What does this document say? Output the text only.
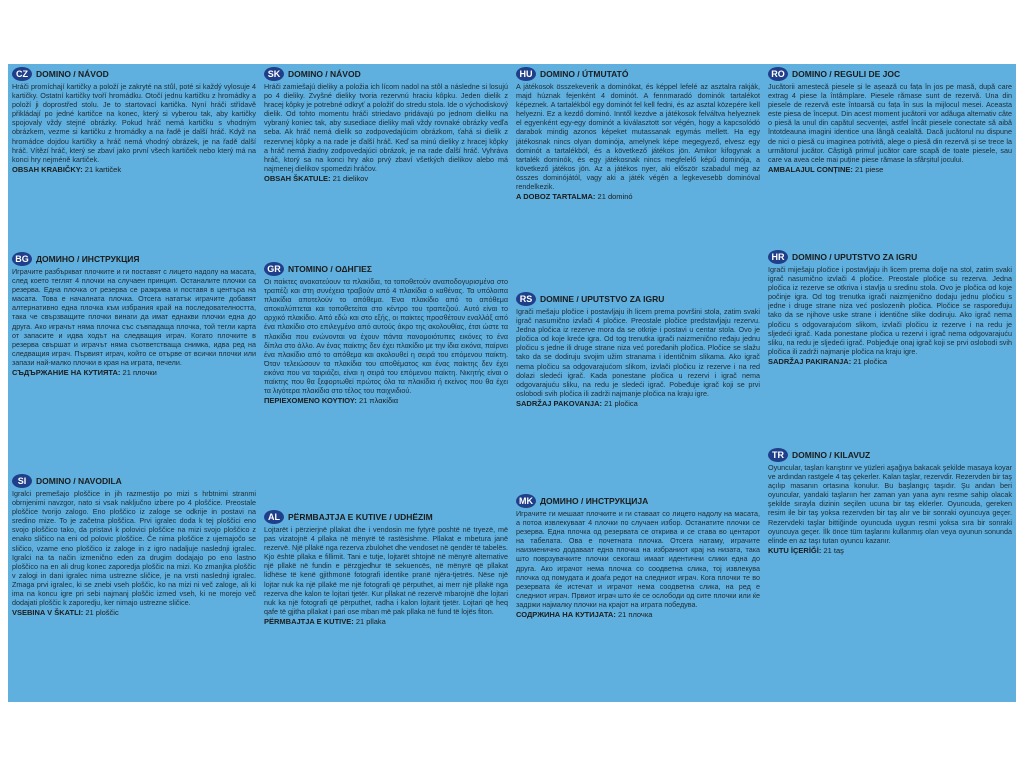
CZ DOMINO / NÁVOD

Hráči promíchají kartičky a položí je zakryté na stůl, poté si každý vylosuje 4 kartičky. Ostatní kartičky tvoří hromádku. Otočí jednu kartičku z hromádky a položí ji doprostřed stolu. Je to startovací kartička. Nyní hráči střídavě přikládají po jedné kartičce na konec, který si vyberou tak, aby kartičky spojovaly vždy stejné obrázky. Pokud hráč nemá kartičku s vhodným obrázkem, vezme si kartičku z hromádky a na řadě je další hráč. Když na hromádce dojdou kartičky a hráč nemá vhodný obrázek, je na řadě další hráč. Vítězí hráč, který se zbaví jako první všech kartiček nebo který má na konci hry nejméně kartiček.

OBSAH KRABIČKY: 21 kartiček

BG ДОМИНО / ИНСТРУКЦИЯ

Играчите разбъркват плочките и ги поставят с лицето надолу на масата, след което теглят 4 плочки на случаен принцип. Останалите плочки са резерва. Една плочка от резерва се разкрива и поставя в центъра на масата. Това е началната плочка. Отсега нататък играчите добавят алтернативно една плочка към избрания край на последователността, така че свързващите плочки винаги да имат еднакви плочки една до друга. Ако играчът няма плочка със съвпадаща плочка, той тегли карта от запасите и идва ходът на следващия играч. Когато плочките в резерва свършат и играчът няма съответстваща снимка, идва ред на следващия играч. Първият играч, който се отърве от всички плочки или запази най-малко плочки в края на играта, печели.

СЪДЪРЖАНИЕ НА КУТИЯТА: 21 плочки

SI	DOMINO / NAVODILA

Igralci premešajo ploščice in jih razmestijo po mizi s hrbtnimi stranmi obrnjenimi navzgor, nato si vsak naključno izbere po 4 ploščice. Preostale ploščice tvorijo zalogo. Eno ploščico iz zaloge se odkrije in postavi na sredino mize. To je začetna ploščica. Prvi igralec doda k tej ploščici eno svojo ploščico tako, da pristavi k polovici ploščice na mizi svojo ploščico z enako sličico na eni od polovic ploščice. Če nima ploščice z ujemajočo se sličico, vzame eno ploščico iz zaloge in z igro nadaljuje naslednji igralec. Igralci na ta način izmenično eden za drugim dodajajo po eno lastno ploščico na en ali drug konec zaporedja ploščic na mizi. Ko zmanjka ploščic v zalogi in dani igralec nima ustrezne sličice, je na vrsti naslednji igralec. Zmaga prvi igralec, ki se znebi vseh ploščic, ko na mizi ni več zaloge, ali ki ima na koncu igre pri sebi najmanj ploščic izmed vseh, ki ne morejo več dodajati ploščic k zaporedju, ker nimajo ustrezne sličice.

VSEBINA V ŠKATLI: 21 ploščic

SK DOMINO / NÁVOD

Hráči zamiešajú dieliky a položia ich lícom nadol na stôl a následne si losujú po 4 dieliky. Zvyšné dieliky tvoria rezervnú hraciu kôpku. Jeden dielik z hracej kôpky je potrebné odkryť a položiť do stredu stola. Ide o východiskový dielik. Od tohto momentu hráči striedavo pridávajú po jednom dieliku na vybraný koniec tak, aby susediace dieliky mali vždy rovnaké obrázky vedľa seba. Ak hráč nemá dielik so zodpovedajúcim obrázkom, ťahá si dielik z rezervnej kôpky a na rade je ďalší hráč. Keď sa minú dieliky z hracej kôpky a hráč nemá žiadny zodpovedajúci obrázok, je na rade ďalší hráč. Vyhráva hráč, ktorý sa na konci hry ako prvý zbaví všetkých dielikov alebo má najmenej dielikov spomedzi hráčov.

OBSAH ŠKATULE: 21 dielikov

GR ΝΤΟΜΙΝΟ / ΟΔΗΓΙΕΣ

Οι παίκτες ανακατεύουν τα πλακίδια, τα τοποθετούν αναποδογυρισμένα στο τραπέζι και στη συνέχεια τραβούν από 4 πλακίδια ο καθένας. Τα υπόλοιπα πλακίδια αποτελούν το απόθεμα. Ένα πλακίδιο από το απόθεμα αποκαλύπτεται και τοποθετείται στο κέντρο του τραπεζιού. Αυτό είναι το αρχικό πλακίδιο. Από εδώ και στο εξής, οι παίκτες προσθέτουν εναλλάξ από ένα πλακίδιο στο επιλεγμένο από αυτούς άκρο της ακολουθίας, έτσι ώστε τα πλακίδια που ενώνονται να έχουν πάντα πανομοιότυπες εικόνες το ένα δίπλα στο άλλο. Αν ένας παίκτης δεν έχει πλακίδιο με την ίδια εικόνα, παίρνει ένα πλακίδιο από το απόθεμα και ακολουθεί η σειρά του επόμενου παίκτη. Όταν τελειώσουν τα πλακίδια του αποθέματος και ένας παίκτης δεν έχει εικόνα που να ταιριάζει, είναι η σειρά του επόμενου παίκτη. Νικητής είναι ο παίκτης που θα ξεφορτωθεί πρώτος όλα τα πλακίδια ή εκείνος που θα έχει τα λιγότερα πλακίδια στο τέλος του παιχνιδιού.

ΠΕΡΙΕΧΟΜΕΝΟ ΚΟΥΤΙΟΥ: 21 πλακίδια

AL PËRMBAJTJA E KUTIVE / UDHËZIM

Lojtarët i përzierjnë pllakat dhe i vendosin me fytyrë poshtë në tryezë, më pas vizatojnë 4 pllaka në mënyrë të rastësishme. Pllakat e mbetura janë rezervë. Një pllakë nga rezerva zbulohet dhe vendoset në qendër të tabelës. Kjo është pllaka e fillimit. Tani e tutje, lojtarët shtojnë në mënyrë alternative një pllakë në fundin e përzgjedhur të sekuencës, në mënyrë që pllakat lidhëse të kenë gjithmonë fotografi identike pranë njëra-tjetrës. Nëse një lojtar nuk ka një pllakë me një fotografi që përputhet, ai merr një pllakë nga rezerva dhe kalon te lojtari tjetër. Kur pllakat në rezervë mbarojnë dhe lojtari nuk ka një fotografi që përputhet, radha i kalon lojtarit tjetër. Lojtari që heq qafe të gjitha pllakat i pari ose mban më pak pllaka në fund të lojës fiton.

PËRMBAJTJA E KUTIVE: 21 pllaka

HU DOMINO / ÚTMUTATÓ

A játékosok összekeverik a dominókat, és képpel lefelé az asztalra rakják, majd húznak fejenként 4 dominót. A fennmaradó dominók tartalékot képeznek. A tartalékból egy dominót fel kell fedni, és az asztal közepére kell helyezni. Ez a kezdő dominó. Inntől kezdve a játékosok felváltva helyeznek el egyenként egy-egy dominót a kiválasztott sor végén, hogy a kapcsolódó darabok mindig azonos képeket mutassanak egymás mellett. Ha egy játékosnak nincs olyan dominója, amelynek képe megegyező, elvesz egy dominót a tartalékból, és a következő játékos jön. Amikor kifogynak a tartalék dominók, és egy játékosnak nincs megfelelő képű dominója, a következő játékos jön. Az a játékos nyer, aki először szabadul meg az összes dominójától, vagy aki a játék végén a legkevesebb dominóval rendelkezik.

A DOBOZ TARTALMA: 21 dominó

RS DOMINE / UPUTSTVO ZA IGRU

Igrači mešaju pločice i postavljaju ih licem prema površini stola, zatim svaki igrač nasumično izvlači 4 pločice. Preostale pločice predstavljaju rezervu. Jedna pločica iz rezerve mora da se otkrije i postavi u centar stola. Ovo je pločica od koje kreće igra. Od tog trenutka igrači naizmenično ređaju jednu pločicu s jedne ili druge strane niza već poređanih pločica. Pločice se slažu tako da se dodiruju svojim užim stranama i identičnim slikama. Ako igrač nema pločicu sa odgovarajućom slikom, izvlači pločicu iz rezerve i na red dolazi sledeći igrač. Kada ponestane pločica u rezervi i igrač nema odgovarajuću sliku, na redu je sledeći igrač. Pobeđuje igrač koji se prvi oslobodi svih pločica ili zadrži najmanje pločica na kraju igre.

SADRŽAJ PAKOVANJA: 21 pločica

MK ДОМИНО / ИНСТРУКЦИЈА

Играчите ги мешаат плочките и ги ставаат со лицето надолу на масата, а потоа извлекуваат 4 плочки по случаен избор. Останатите плочки се резерва. Една плочка од резервата се открива и се става во центарот на табелата. Ова е почетната плочка. Отсега натаму, играчите наизменично додаваат една плочка на избраниот крај на низата, така што поврзувачките плочки секогаш имаат идентични слики една до друга. Ако играчот нема плочка со соодветна слика, тој извлекува плочка од помудата и доаѓа редот на следниот играч. Кога плочки те во резервата ќе истечат и играчот нема соодветна слика, на ред е следниот играч. Првиот играч што ќе се ослободи од сите плочки или ќе задржи најмалку плочки на крајот на играта победува.

СОДРЖИНА НА КУТИЈАТА: 21 плочка

RO DOMINO / REGULI DE JOC

Jucătorii amestecă piesele și le așează cu fața în jos pe masă, după care extrag 4 piese la întâmplare. Piesele rămase sunt de rezervă. Una din piesele de rezervă este întoarsă cu fața în sus la mijlocul mesei. Aceasta este piesa de început. Din acest moment jucătorii vor adăuga alternativ câte o piesă la unul din capătul secvenței, astfel încât piesele conectate să aibă întotdeauna imagini identice una lângă cealaltă. Dacă jucătorul nu dispune de nici o piesă cu imaginea potrivită, alege o piesă din rezervă și se trece la următorul jucător. Câștigă primul jucător care scapă de toate piesele, sau care va avea cele mai puține piese rămase la sfârșitul jocului.

AMBALAJUL CONȚINE: 21 piese

HR DOMINO / UPUTSTVO ZA IGRU

Igrači miješaju pločice i postavljaju ih licem prema dolje na stol, zatim svaki igrač nasumično izvlači 4 pločice. Preostale pločice su rezerva. Jedna pločica iz rezerve se otkriva i stavlja u sredinu stola. Ovo je pločica od koje počinje igra. Od tog trenutka igrači naizmjenično dodaju jednu pločicu s jedne i druge strane niza već poslozenih pločica. Pločice se raspoređuju tako da se njihove uske strane i identične slike dodiruju. Ako igrač nema pločicu s odgovarajućom slikom, izvlači pločicu iz rezerve i na redu je sljedeći igrač. Kada ponestane pločica u rezervi i igrač nema odgovarajuću sliku, na redu je sljedeći igrač. Pobjeđuje onaj igrač koji se prvi oslobodi svih pločica ili zadrži najmanje pločica na kraju igre.

SADRŽAJ PAKIRANJA: 21 pločica

TR DOMINO / KILAVUZ

Oyuncular, taşları karıştırır ve yüzleri aşağıya bakacak şekilde masaya koyar ve ardından rastgele 4 taş çekerler. Kalan taşlar, rezervdir. Rezervden bir taş açılıp masanın ortasına konulur. Bu başlangıç taşıdır. Şu andan beri oyuncular, yandaki taşlarıın her zaman yan yana aynı resme sahip olacak şekilde sırayla dizinin seçilen ucuna bir taş eklerler. Oyuncuda, gereken resim ile bir taş yoksa rezervden bir taş alır ve bir sonraki oyuncuya geçer. Rezervdeki taşlar bittiğinde oyuncuda uygun resmi yoksa sıra bir sonraki oyuncuya geçer. İlk önce tüm taşlarını kullanmış olan veya oyunun sonunda elinde en az taşı tutan oyuncu kazanır.

KUTU İÇERİĞİ: 21 taş
